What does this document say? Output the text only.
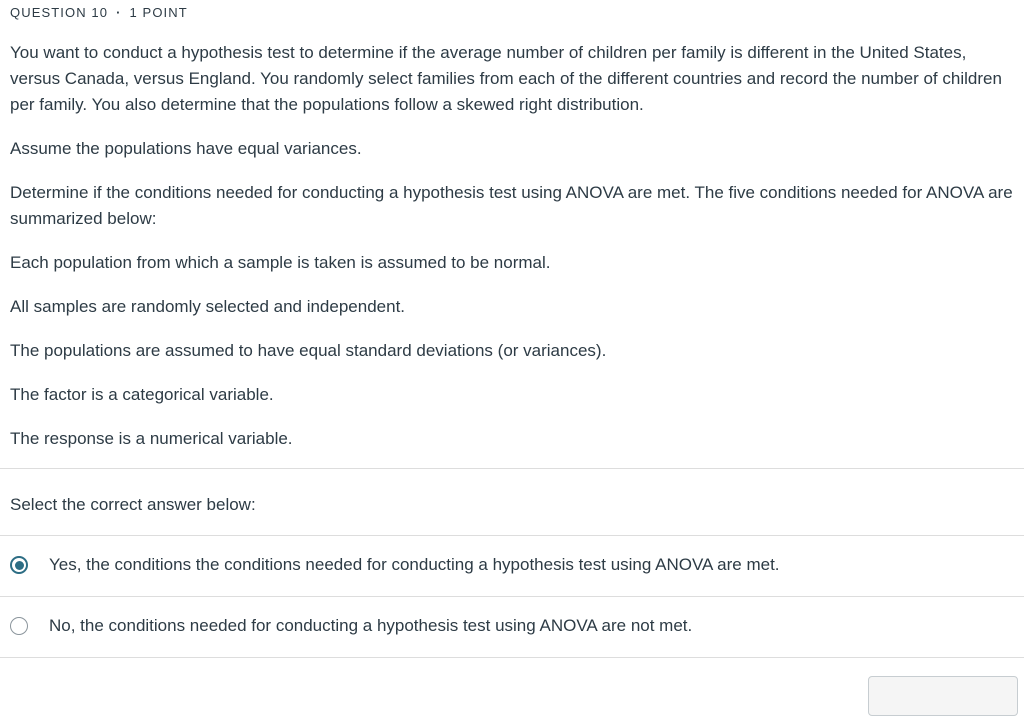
QUESTION 10 · 1 POINT

You want to conduct a hypothesis test to determine if the average number of children per family is different in the United States, versus Canada, versus England. You randomly select families from each of the different countries and record the number of children per family. You also determine that the populations follow a skewed right distribution.

Assume the populations have equal variances.

Determine if the conditions needed for conducting a hypothesis test using ANOVA are met. The five conditions needed for ANOVA are summarized below:

Each population from which a sample is taken is assumed to be normal.

All samples are randomly selected and independent.

The populations are assumed to have equal standard deviations (or variances).

The factor is a categorical variable.

The response is a numerical variable.

Select the correct answer below:
Yes, the conditions the conditions needed for conducting a hypothesis test using ANOVA are met.
No, the conditions needed for conducting a hypothesis test using ANOVA are not met.
